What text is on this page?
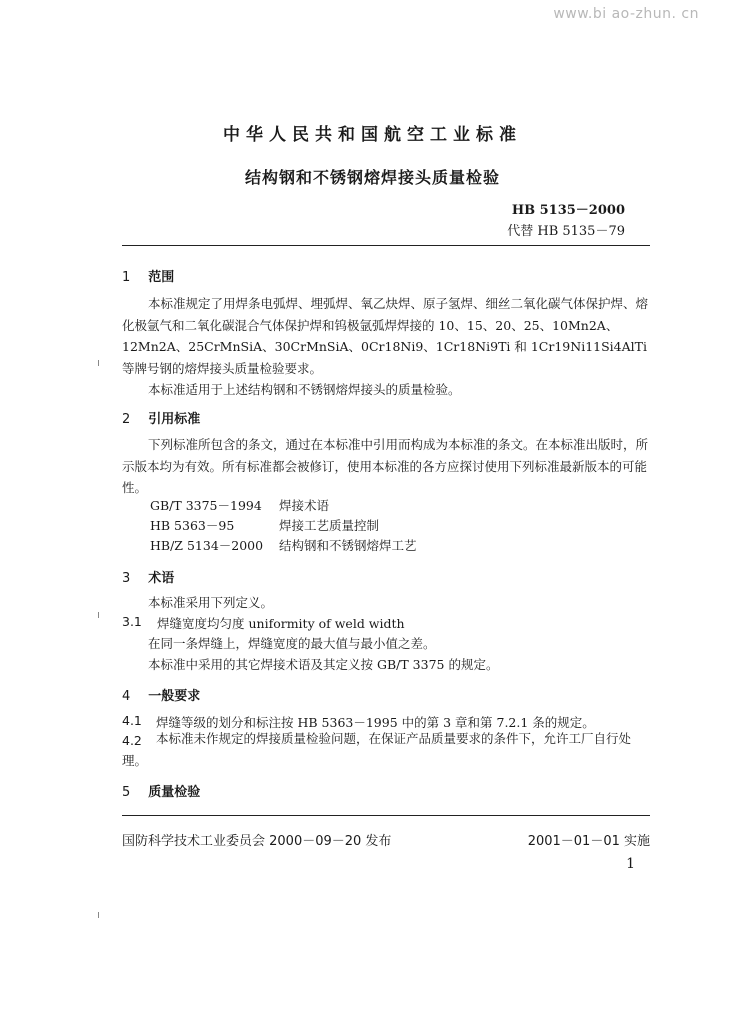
www.bi ao-zhun. cn
中华人民共和国航空工业标准
结构钢和不锈钢熔焊接头质量检验
HB 5135－2000
代替 HB 5135－79
1 范围
本标准规定了用焊条电弧焊、埋弧焊、氧乙炔焊、原子氢焊、细丝二氧化碳气体保护焊、熔化极氩气和二氧化碳混合气体保护焊和钨极氩弧焊焊接的 10、15、20、25、10Mn2A、12Mn2A、25CrMnSiA、30CrMnSiA、0Cr18Ni9、1Cr18Ni9Ti 和 1Cr19Ni11Si4AlTi 等牌号钢的熔焊接头质量检验要求。
本标准适用于上述结构钢和不锈钢熔焊接头的质量检验。
2 引用标准
下列标准所包含的条文，通过在本标准中引用而构成为本标准的条文。在本标准出版时，所示版本均为有效。所有标准都会被修订，使用本标准的各方应探讨使用下列标准最新版本的可能性。
GB/T 3375－1994 焊接术语
HB 5363－95	焊接工艺质量控制
HB/Z 5134－2000 结构钢和不锈钢熔焊工艺
3 术语
本标准采用下列定义。
3.1 焊缝宽度均匀度 uniformity of weld width
在同一条焊缝上，焊缝宽度的最大值与最小值之差。
本标准中采用的其它焊接术语及其定义按 GB/T 3375 的规定。
4 一般要求
4.1 焊缝等级的划分和标注按 HB 5363－1995 中的第 3 章和第 7.2.1 条的规定。
4.2	本标准未作规定的焊接质量检验问题，在保证产品质量要求的条件下，允许工厂自行处理。
5 质量检验
国防科学技术工业委员会 2000－09－20 发布	2001－01－01 实施
1
